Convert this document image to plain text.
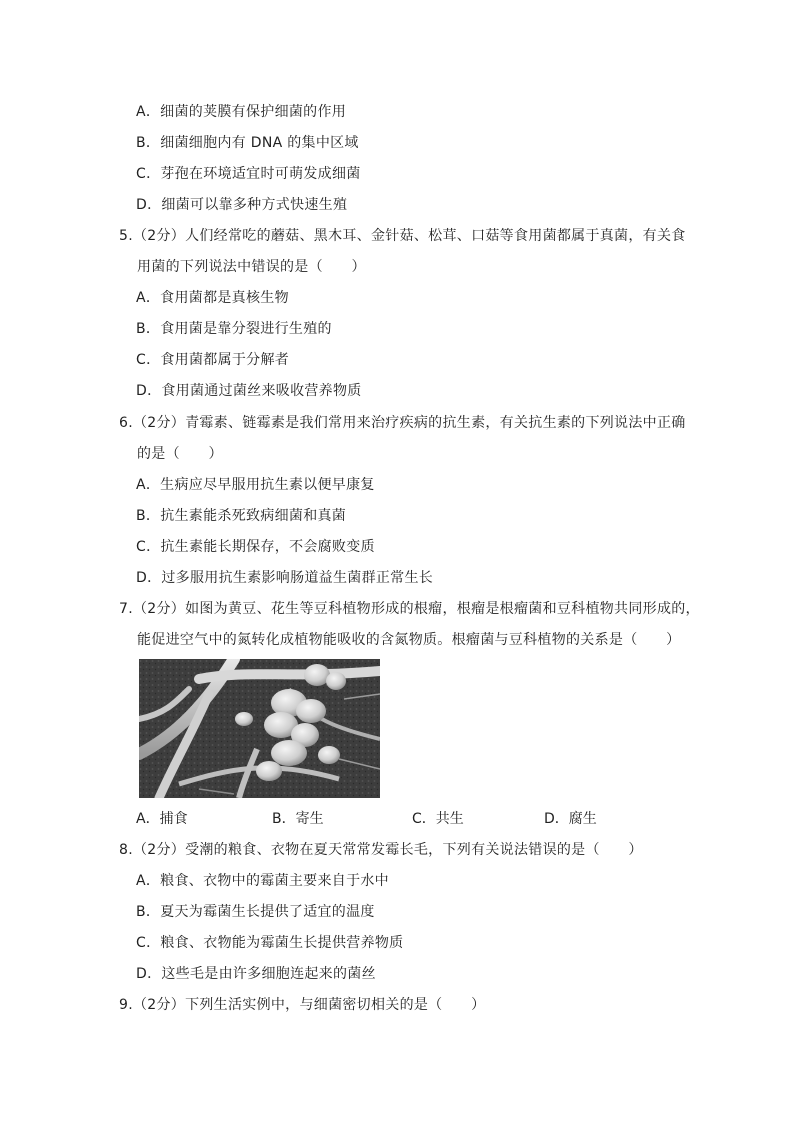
A．细菌的荚膜有保护细菌的作用
B．细菌细胞内有 DNA 的集中区域
C．芽孢在环境适宜时可萌发成细菌
D．细菌可以靠多种方式快速生殖
5.（2分）人们经常吃的蘑菇、黑木耳、金针菇、松茸、口菇等食用菌都属于真菌，有关食
用菌的下列说法中错误的是（　　）
A．食用菌都是真核生物
B．食用菌是靠分裂进行生殖的
C．食用菌都属于分解者
D．食用菌通过菌丝来吸收营养物质
6.（2分）青霉素、链霉素是我们常用来治疗疾病的抗生素，有关抗生素的下列说法中正确
的是（　　）
A．生病应尽早服用抗生素以便早康复
B．抗生素能杀死致病细菌和真菌
C．抗生素能长期保存，不会腐败变质
D．过多服用抗生素影响肠道益生菌群正常生长
7.（2分）如图为黄豆、花生等豆科植物形成的根瘤，根瘤是根瘤菌和豆科植物共同形成的，
能促进空气中的氮转化成植物能吸收的含氮物质。根瘤菌与豆科植物的关系是（　　）
A．捕食	B．寄生	C．共生	D．腐生
8.（2分）受潮的粮食、衣物在夏天常常发霉长毛，下列有关说法错误的是（　　）
A．粮食、衣物中的霉菌主要来自于水中
B．夏天为霉菌生长提供了适宜的温度
C．粮食、衣物能为霉菌生长提供营养物质
D．这些毛是由许多细胞连起来的菌丝
9.（2分）下列生活实例中，与细菌密切相关的是（　　）
